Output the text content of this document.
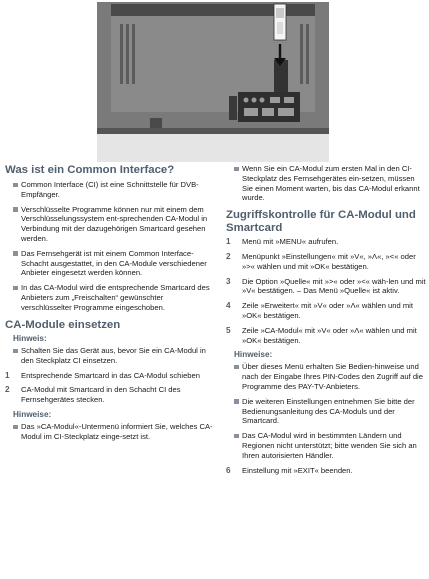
Was ist ein Common Interface?
Common Interface (CI) ist eine Schnittstelle für DVB-Empfänger.
Verschlüsselte Programme können nur mit einem dem Verschlüsselungssystem ent-sprechenden CA-Modul in Verbindung mit der dazugehörigen Smartcard gesehen werden.
Das Fernsehgerät ist mit einem Common Interface-Schacht ausgestattet, in den CA-Module verschiedener Anbieter eingesetzt werden können.
In das CA-Modul wird die entsprechende Smartcard des Anbieters zum „Freischalten“ gewünschter verschlüsselter Programme eingeschoben.
CA-Module einsetzen
Hinweis:
Schalten Sie das Gerät aus, bevor Sie ein CA-Modul in den Steckplatz CI einsetzen.
1 Entsprechende Smartcard in das CA-Modul schieben
2 CA-Modul mit Smartcard in den Schacht CI des Fernsehgerätes stecken.
Hinweise:
Das »CA-Modul«-Untermenü informiert Sie, welches CA-Modul im CI-Steckplatz einge-setzt ist.
Wenn Sie ein CA-Modul zum ersten Mal in den CI-Steckplatz des Fernsehgerätes ein-setzen, müssen Sie einen Moment warten, bis das CA-Modul erkannt wurde.
Zugriffskontrolle für CA-Modul und Smartcard
1 Menü mit »MENU« aufrufen.
2 Menüpunkt »Einstellungen« mit »V«, »Λ«, »<« oder »>« wählen und mit »OK« bestätigen.
3 Die Option »Quelle« mit »>« oder »<« wäh-len und mit »V« bestätigen. – Das Menü »Quelle« ist aktiv.
4 Zeile »Erweitert« mit »V« oder »Λ« wählen und mit »OK« bestätigen.
5 Zeile »CA-Modul« mit »V« oder »Λ« wählen und mit »OK« bestätigen.
Hinweise:
Über dieses Menü erhalten Sie Bedien-hinweise und nach der Eingabe Ihres PIN-Codes den Zugriff auf die Programme des PAY-TV-Anbieters.
Die weiteren Einstellungen entnehmen Sie bitte der Bedienungsanleitung des CA-Moduls und der Smartcard.
Das CA-Modul wird in bestimmten Ländern und Regionen nicht unterstützt; bitte wenden Sie sich an Ihren autorisierten Händler.
6 Einstellung mit »EXIT« beenden.
